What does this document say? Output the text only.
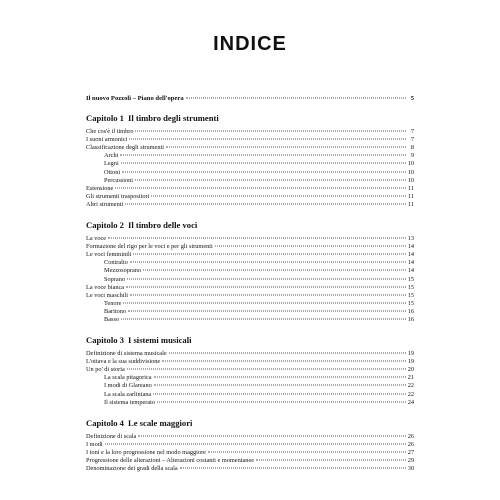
INDICE
Il nuovo Pozzoli – Piano dell'opera	5
Capitolo 1 Il timbro degli strumenti
Che cos'è il timbro	7
I suoni armonici	7
Classificazione degli strumenti	8
Archi	9
Legni	10
Ottoni	10
Percussioni	10
Estensione	11
Gli strumenti traspositori	11
Altri strumenti	11
Capitolo 2 Il timbro delle voci
La voce	13
Formazione del rigo per le voci e per gli strumenti	14
Le voci femminili	14
Contralto	14
Mezzosoprano	14
Soprano	15
La voce bianca	15
Le voci maschili	15
Tenore	15
Baritono	16
Basso	16
Capitolo 3 I sistemi musicali
Definizione di sistema musicale	19
L'ottava e la sua suddivisione	19
Un po' di storia	20
La scala pitagorica	21
I modi di Glareano	22
La scala zarliniana	22
Il sistema temperato	24
Capitolo 4 Le scale maggiori
Definizione di scala	26
I modi	26
I toni e la loro progressione nel modo maggiore	27
Progressione delle alterazioni – Alterazioni costanti e momentanee	29
Denominazione dei gradi della scala	30
